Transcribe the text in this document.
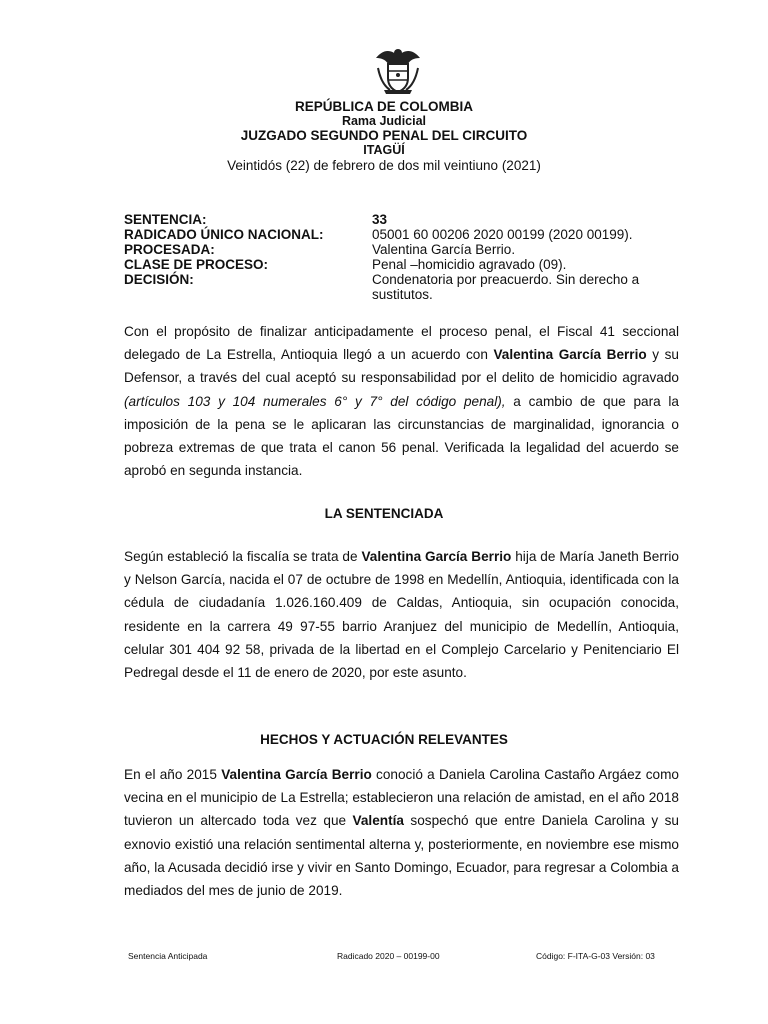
REPÚBLICA DE COLOMBIA
Rama Judicial
JUZGADO SEGUNDO PENAL DEL CIRCUITO
ITAGÜÍ
Veintidós (22) de febrero de dos mil veintiuno (2021)
SENTENCIA:	33
RADICADO ÚNICO NACIONAL:	05001 60 00206 2020 00199 (2020 00199).
PROCESADA:	Valentina García Berrio.
CLASE DE PROCESO:	Penal –homicidio agravado (09).
DECISIÓN:	Condenatoria por preacuerdo. Sin derecho a sustitutos.
Con el propósito de finalizar anticipadamente el proceso penal, el Fiscal 41 seccional delegado de La Estrella, Antioquia llegó a un acuerdo con Valentina García Berrio y su Defensor, a través del cual aceptó su responsabilidad por el delito de homicidio agravado (artículos 103 y 104 numerales 6° y 7° del código penal), a cambio de que para la imposición de la pena se le aplicaran las circunstancias de marginalidad, ignorancia o pobreza extremas de que trata el canon 56 penal. Verificada la legalidad del acuerdo se aprobó en segunda instancia.
LA SENTENCIADA
Según estableció la fiscalía se trata de Valentina García Berrio hija de María Janeth Berrio y Nelson García, nacida el 07 de octubre de 1998 en Medellín, Antioquia, identificada con la cédula de ciudadanía 1.026.160.409 de Caldas, Antioquia, sin ocupación conocida, residente en la carrera 49 97-55 barrio Aranjuez del municipio de Medellín, Antioquia, celular 301 404 92 58, privada de la libertad en el Complejo Carcelario y Penitenciario El Pedregal desde el 11 de enero de 2020, por este asunto.
HECHOS Y ACTUACIÓN RELEVANTES
En el año 2015 Valentina García Berrio conoció a Daniela Carolina Castaño Argáez como vecina en el municipio de La Estrella; establecieron una relación de amistad, en el año 2018 tuvieron un altercado toda vez que Valentía sospechó que entre Daniela Carolina y su exnovio existió una relación sentimental alterna y, posteriormente, en noviembre ese mismo año, la Acusada decidió irse y vivir en Santo Domingo, Ecuador, para regresar a Colombia a mediados del mes de junio de 2019.
Sentencia Anticipada	Radicado 2020 – 00199-00	Código: F-ITA-G-03 Versión: 03
